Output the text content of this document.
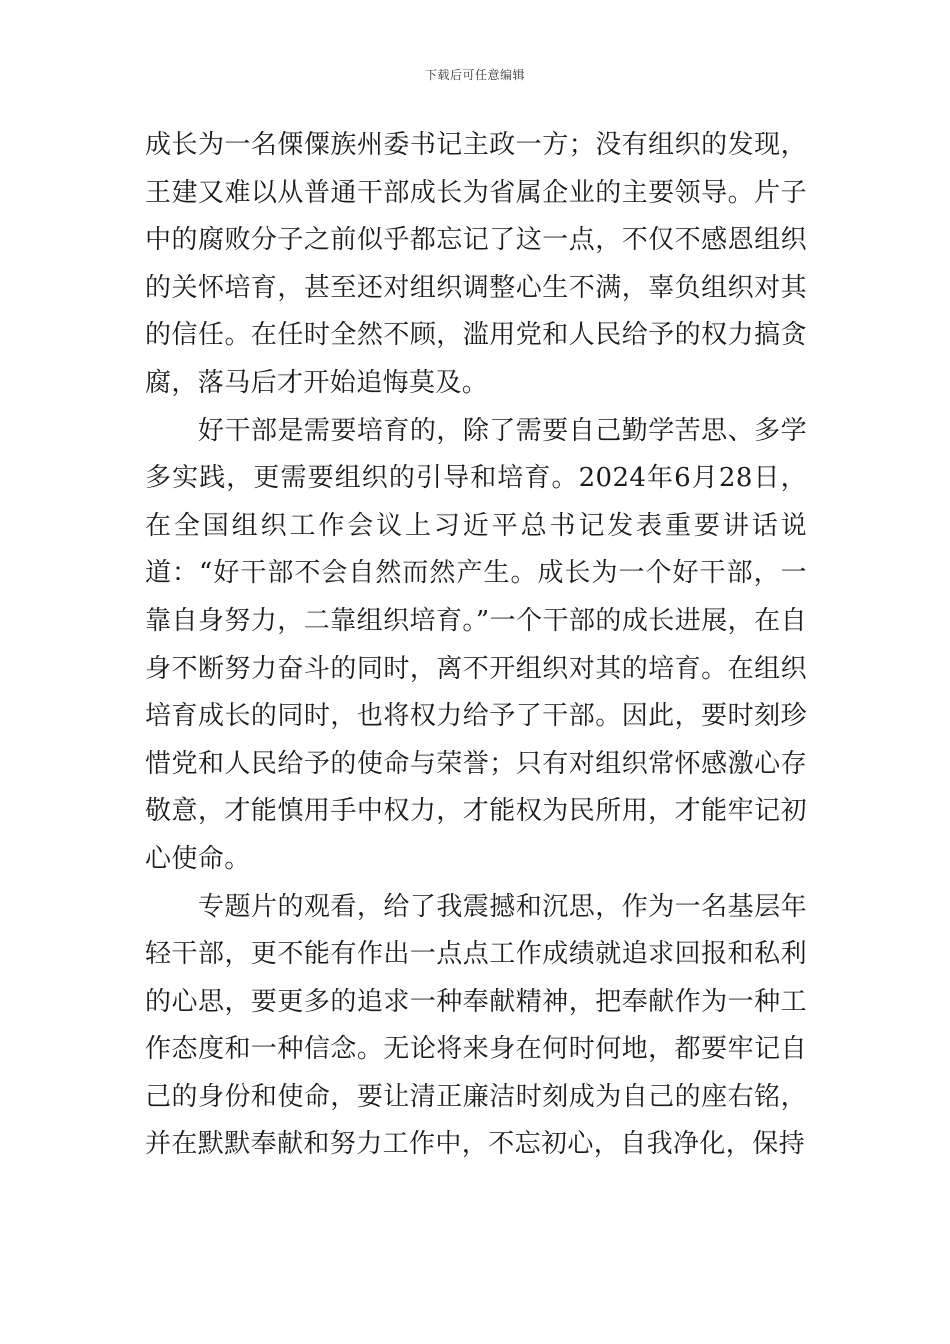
下载后可任意编辑

成长为一名傈僳族州委书记主政一方；没有组织的发现，王建又难以从普通干部成长为省属企业的主要领导。片子中的腐败分子之前似乎都忘记了这一点，不仅不感恩组织的关怀培育，甚至还对组织调整心生不满，辜负组织对其的信任。在任时全然不顾，滥用党和人民给予的权力搞贪腐，落马后才开始追悔莫及。

好干部是需要培育的，除了需要自己勤学苦思、多学多实践，更需要组织的引导和培育。2024年6月28日，在全国组织工作会议上习近平总书记发表重要讲话说道：“好干部不会自然而然产生。成长为一个好干部，一靠自身努力，二靠组织培育。”一个干部的成长进展，在自身不断努力奋斗的同时，离不开组织对其的培育。在组织培育成长的同时，也将权力给予了干部。因此，要时刻珍惜党和人民给予的使命与荣誉；只有对组织常怀感激心存敬意，才能慎用手中权力，才能权为民所用，才能牢记初心使命。

专题片的观看，给了我震撼和沉思，作为一名基层年轻干部，更不能有作出一点点工作成绩就追求回报和私利的心思，要更多的追求一种奉献精神，把奉献作为一种工作态度和一种信念。无论将来身在何时何地，都要牢记自己的身份和使命，要让清正廉洁时刻成为自己的座右铭，并在默默奉献和努力工作中，不忘初心，自我净化，保持
